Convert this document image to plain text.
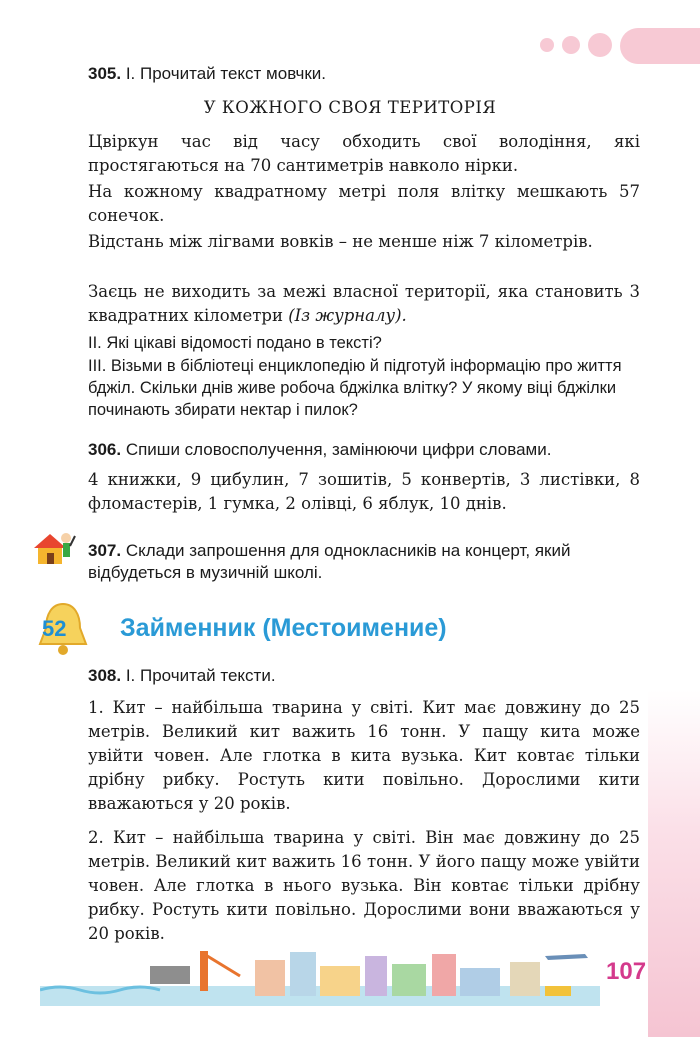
305. І. Прочитай текст мовчки.
У КОЖНОГО СВОЯ ТЕРИТОРІЯ
Цвіркун час від часу обходить свої володіння, які простягаються на 70 сантиметрів навколо нірки.
На кожному квадратному метрі поля влітку мешкають 57 сонечок.
Відстань між лігвами вовків – не менше ніж 7 кілометрів.
Заєць не виходить за межі власної території, яка становить 3 квадратних кілометри (Із журналу).
ІІ. Які цікаві відомості подано в тексті?
ІІІ. Візьми в бібліотеці енциклопедію й підготуй інформацію про життя бджіл. Скільки днів живе робоча бджілка влітку? У якому віці бджілки починають збирати нектар і пилок?
306. Спиши словосполучення, замінюючи цифри словами.
4 книжки, 9 цибулин, 7 зошитів, 5 конвертів, 3 листівки, 8 фломастерів, 1 гумка, 2 олівці, 6 яблук, 10 днів.
307. Склади запрошення для однокласників на концерт, який відбудеться в музичній школі.
52 Займенник (Местоимение)
308. І. Прочитай тексти.
1. Кит – найбільша тварина у світі. Кит має довжину до 25 метрів. Великий кит важить 16 тонн. У пащу кита може увійти човен. Але глотка в кита вузька. Кит ковтає тільки дрібну рибку. Ростуть кити повільно. Дорослими кити вважаються у 20 років.
2. Кит – найбільша тварина у світі. Він має довжину до 25 метрів. Великий кит важить 16 тонн. У його пащу може увійти човен. Але глотка в нього вузька. Він ковтає тільки дрібну рибку. Ростуть кити повільно. Дорослими вони вважаються у 20 років.
107
